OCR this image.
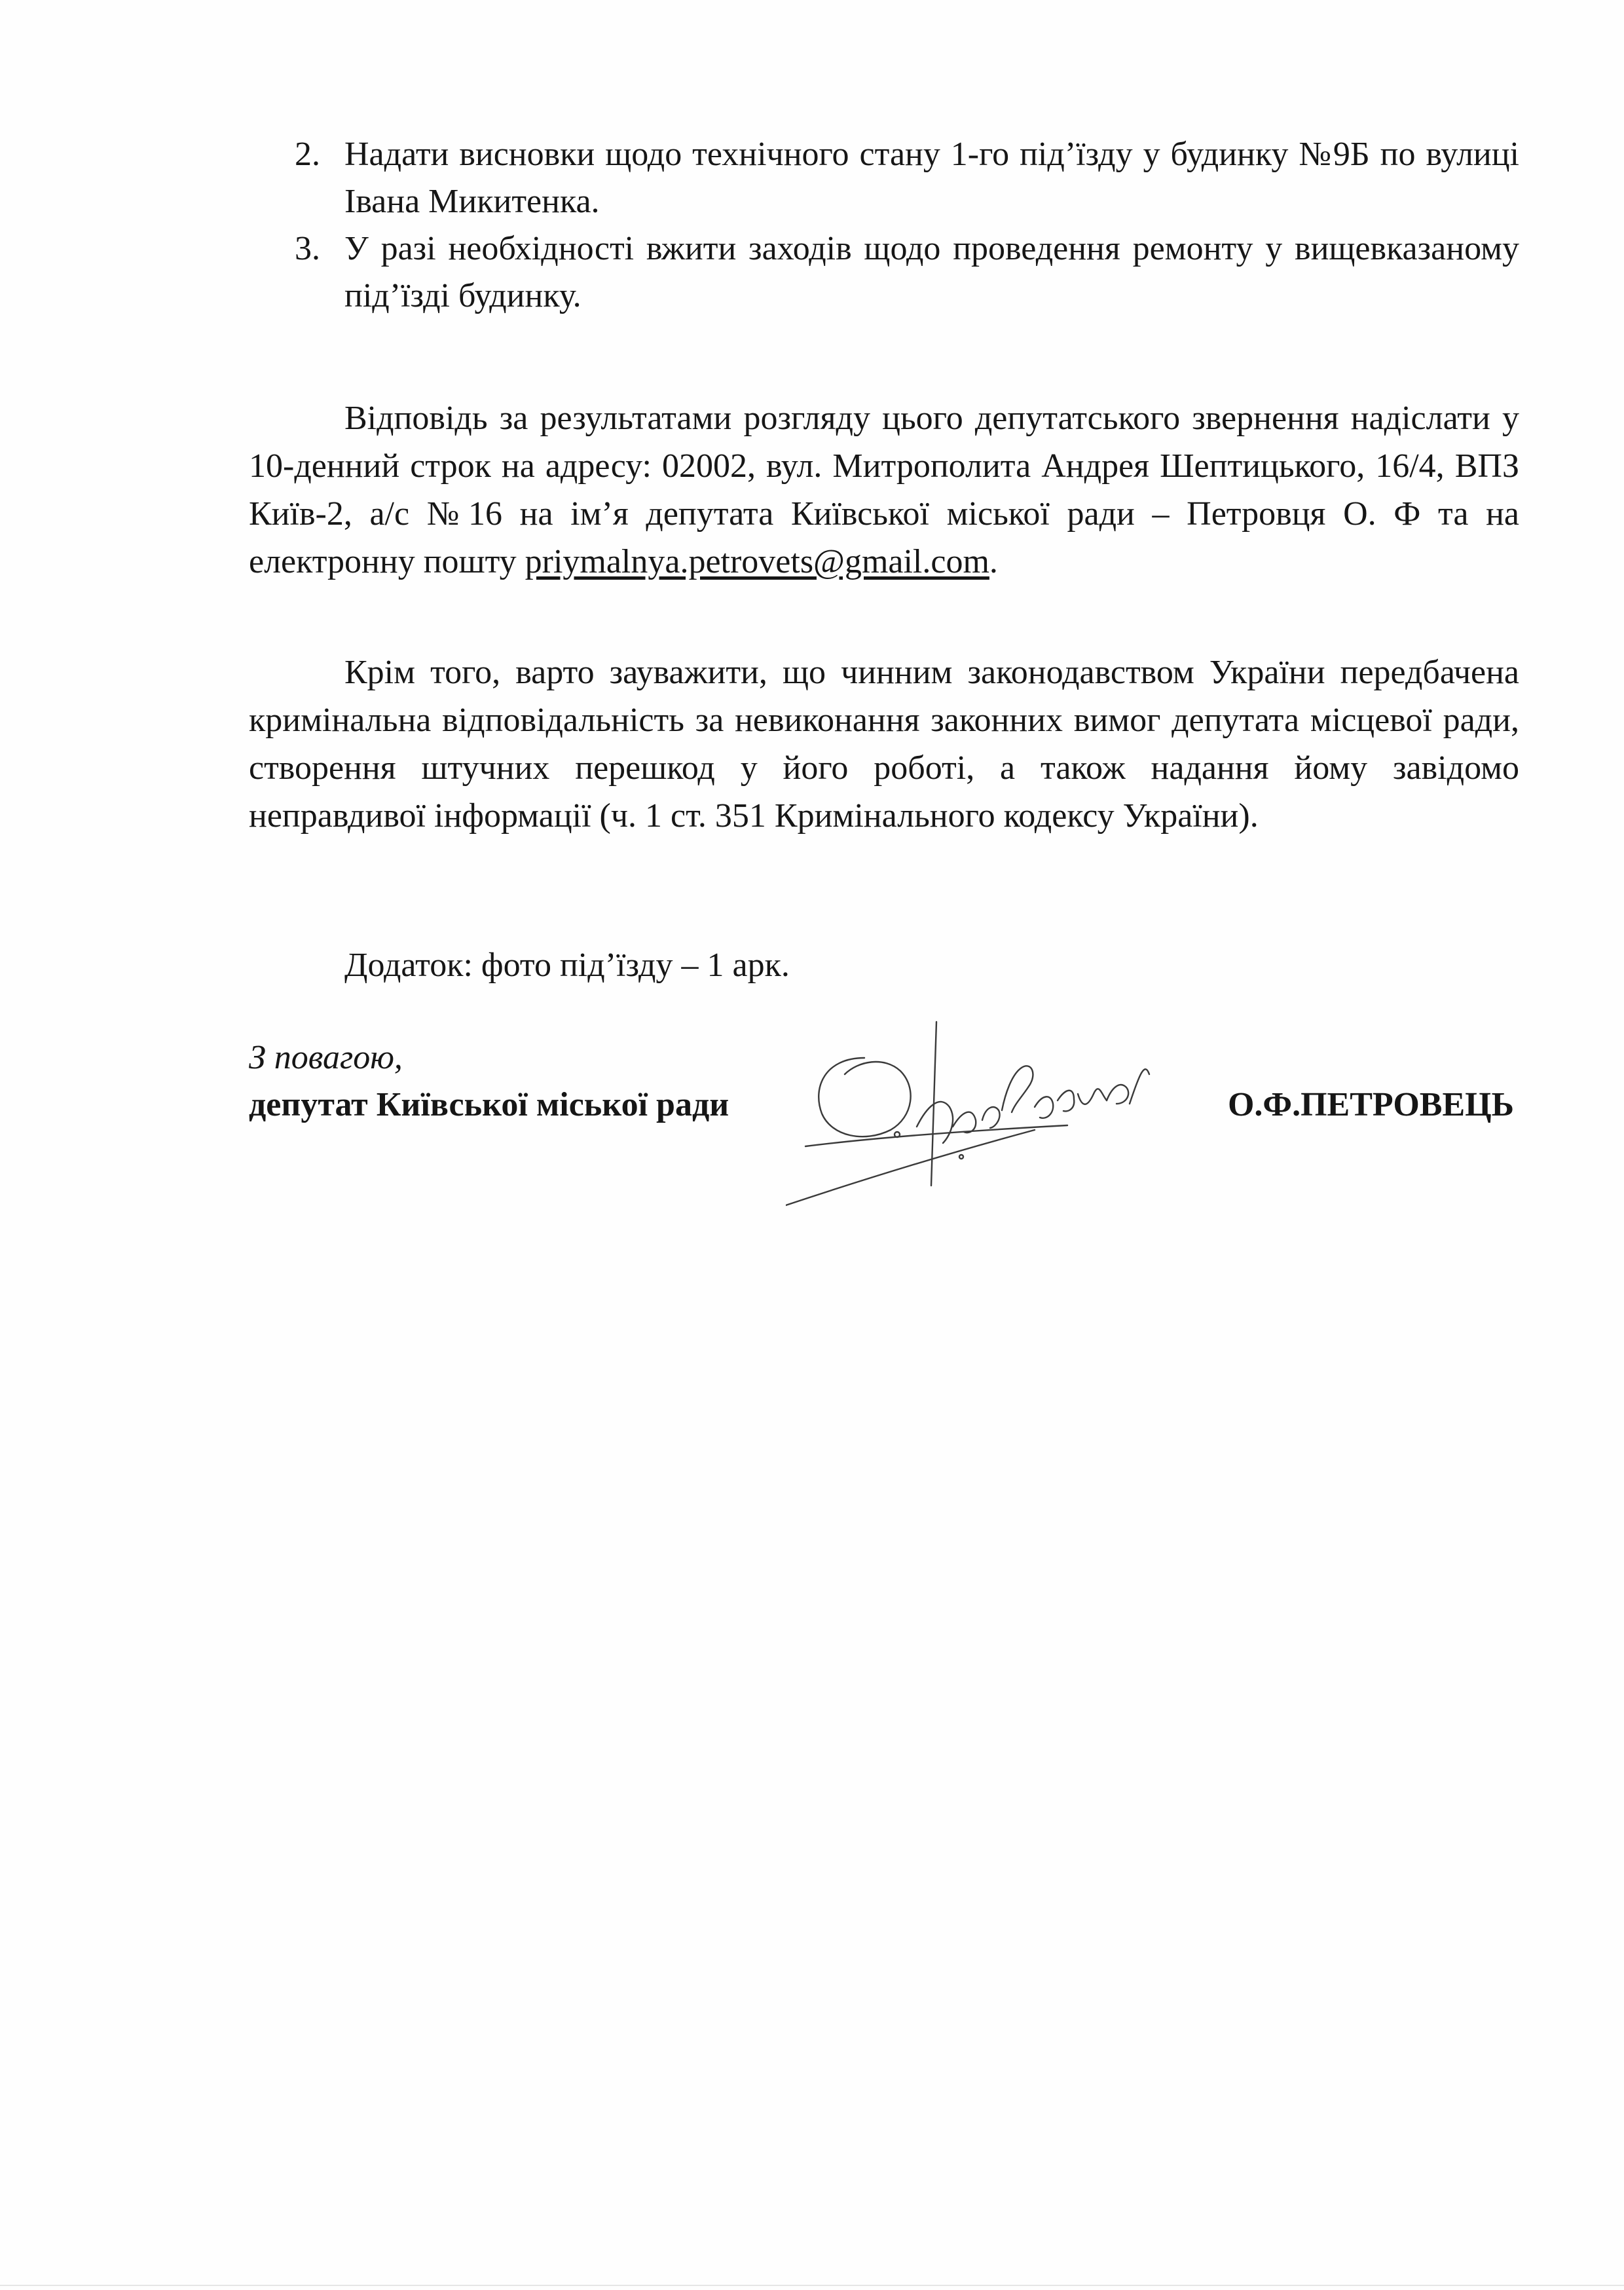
2. Надати висновки щодо технічного стану 1-го під’їзду у будинку №9Б по вулиці Івана Микитенка.
3. У разі необхідності вжити заходів щодо проведення ремонту у вищевказаному під’їзді будинку.

Відповідь за результатами розгляду цього депутатського звернення надіслати у 10-денний строк на адресу: 02002, вул. Митрополита Андрея Шептицького, 16/4, ВПЗ Київ-2, а/с №16 на ім’я депутата Київської міської ради – Петровця О. Ф та на електронну пошту priymalnya.petrovets@gmail.com.

Крім того, варто зауважити, що чинним законодавством України передбачена кримінальна відповідальність за невиконання законних вимог депутата місцевої ради, створення штучних перешкод у його роботі, а також надання йому завідомо неправдивої інформації (ч. 1 ст. 351 Кримінального кодексу України).

Додаток: фото під’їзду – 1 арк.

З повагою,

депутат Київської міської ради	О.Ф.ПЕТРОВЕЦЬ
